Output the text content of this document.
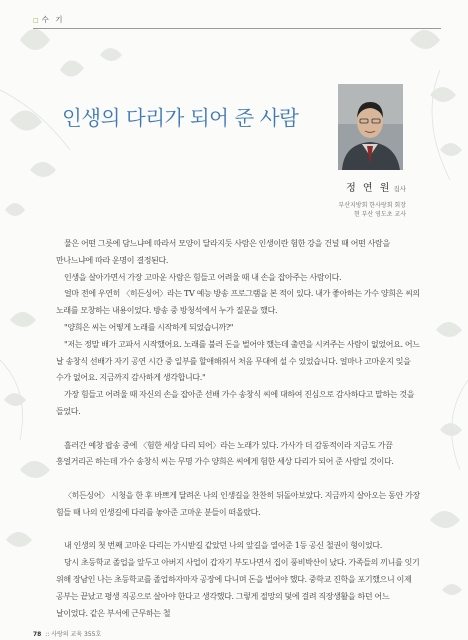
□ 수 기
인생의 다리가 되어 준 사람
정 연 원 집사
부산지방회 한사랑회 회장
현 부산 영도초 교사

물은 어떤 그릇에 담느냐에 따라서 모양이 달라지듯 사람은 인생이란 험한 강을 건널 때 어떤 사람을 만나느냐에 따라 운명이 결정된다.

인생을 살아가면서 가장 고마운 사람은 힘들고 어려울 때 내 손을 잡아주는 사람이다.

얼마 전에 우연히 〈히든싱어〉라는 TV 예능 방송 프로그램을 본 적이 있다. 내가 좋아하는 가수 양희은 씨의 노래를 모창하는 내용이었다. 방송 중 방청석에서 누가 질문을 했다.

"양희은 씨는 어떻게 노래를 시작하게 되었습니까?"

"저는 정말 배가 고파서 시작했어요. 노래를 불러 돈을 벌어야 했는데 출연을 시켜주는 사람이 없었어요. 어느 날 송창식 선배가 자기 공연 시간 중 일부를 할애해줘서 처음 무대에 설 수 있었습니다. 얼마나 고마운지 잊을 수가 없어요. 지금까지 감사하게 생각합니다."

가장 힘들고 어려울 때 자신의 손을 잡아준 선배 가수 송창식 씨에 대하여 진심으로 감사하다고 말하는 것을 들었다.

흘러간 예창 팝송 중에 〈험한 세상 다리 되어〉라는 노래가 있다. 가사가 더 감동적이라 지금도 가끔 흥얼거리곤 하는데 가수 송창식 씨는 무명 가수 양희은 씨에게 험한 세상 다리가 되어 준 사람일 것이다.

〈히든싱어〉 시청을 한 후 바쁘게 달려온 나의 인생길을 찬찬히 뒤돌아보았다. 지금까지 살아오는 동안 가장 힘들 때 나의 인생길에 다리를 놓아준 고마운 분들이 떠올랐다.

내 인생의 첫 번째 고마운 다리는 가시받길 같았던 나의 앞길을 열어준 1등 공신 철권이 형이었다.

당시 초등학교 졸업을 앞두고 아버지 사업이 갑자기 부도나면서 집이 풍비박산이 났다. 가족들의 끼니를 잇기 위해 장남인 나는 초등학교를 졸업하자마자 공장에 다니며 돈을 벌어야 했다. 중학교 진학을 포기했으니 이제 공부는 끝났고 평생 직공으로 살아야 한다고 생각했다. 그렇게 절망의 덫에 걸려 직장생활을 하던 어느 날이었다. 같은 부서에 근무하는 철

78 :: 사랑의 교육 355호
